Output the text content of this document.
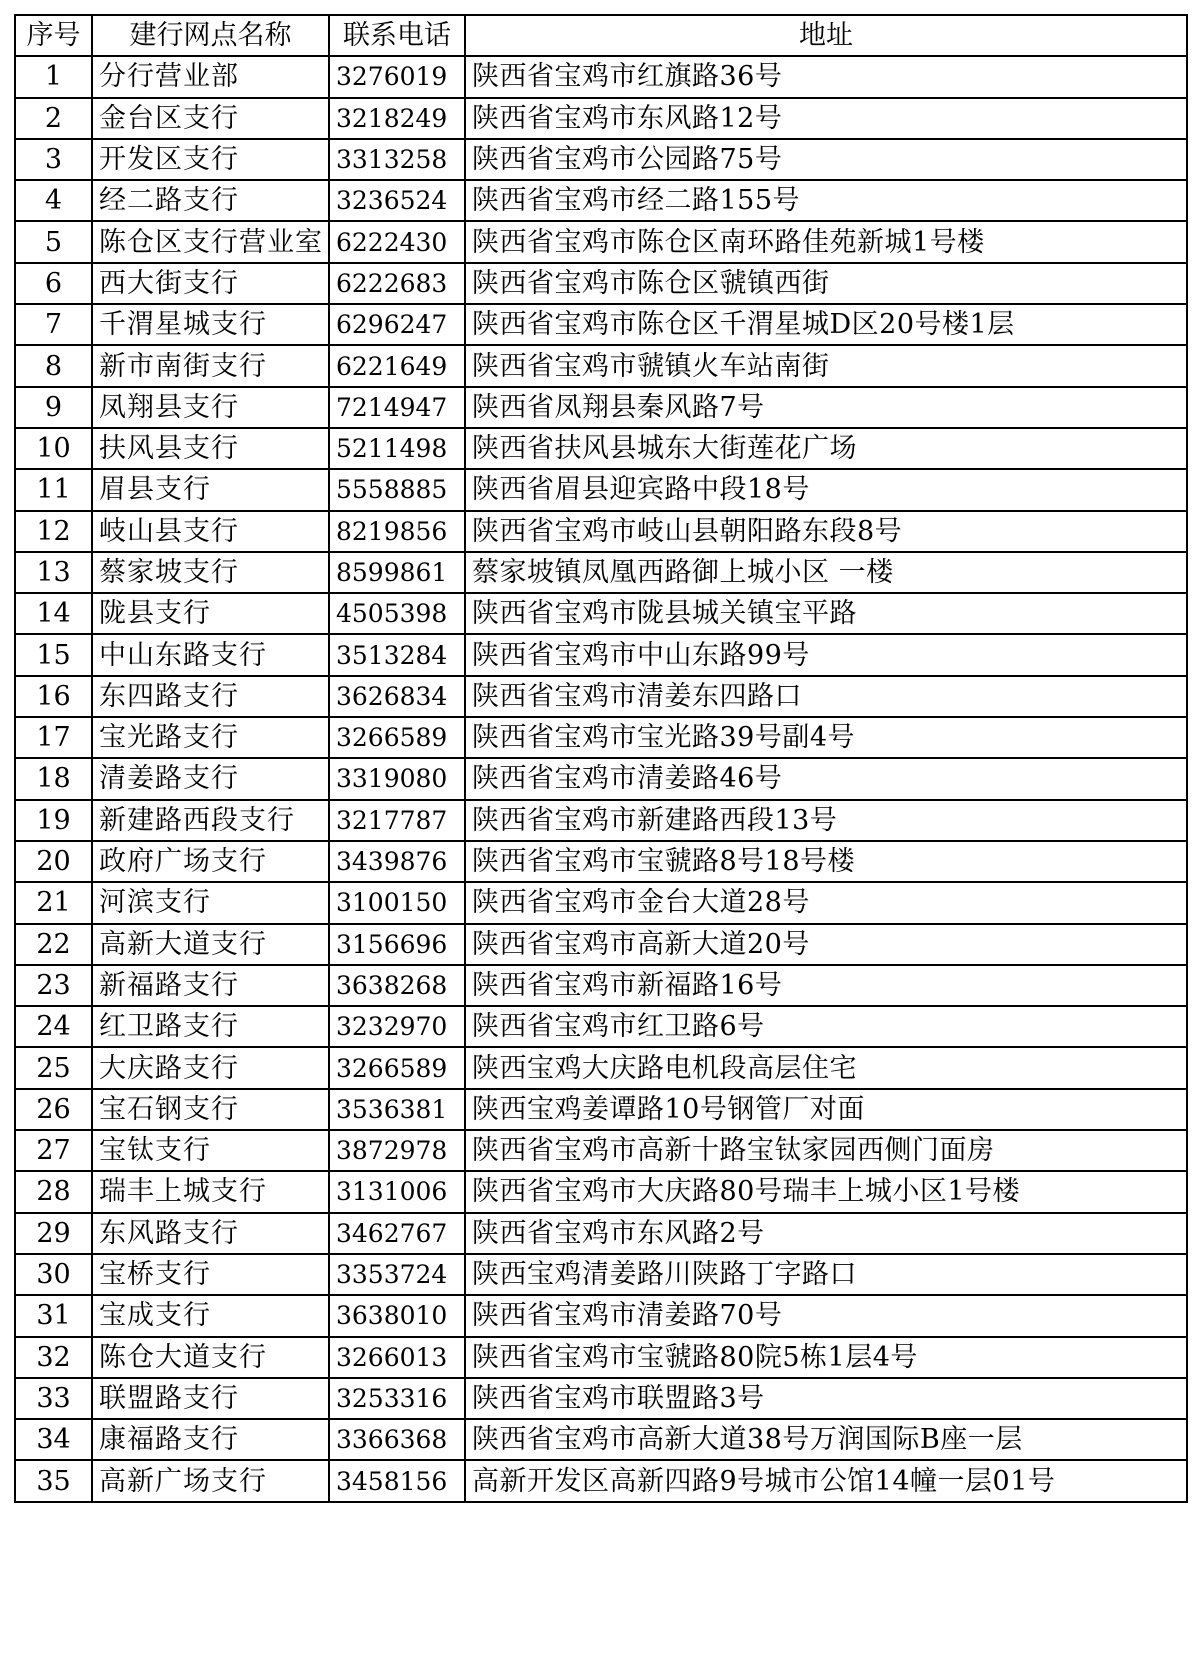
序号	建行网点名称	联系电话	地址
1	分行营业部	3276019	陕西省宝鸡市红旗路36号
2	金台区支行	3218249	陕西省宝鸡市东风路12号
3	开发区支行	3313258	陕西省宝鸡市公园路75号
4	经二路支行	3236524	陕西省宝鸡市经二路155号
5	陈仓区支行营业室	6222430	陕西省宝鸡市陈仓区南环路佳苑新城1号楼
6	西大街支行	6222683	陕西省宝鸡市陈仓区虢镇西街
7	千渭星城支行	6296247	陕西省宝鸡市陈仓区千渭星城D区20号楼1层
8	新市南街支行	6221649	陕西省宝鸡市虢镇火车站南街
9	凤翔县支行	7214947	陕西省凤翔县秦风路7号
10	扶风县支行	5211498	陕西省扶风县城东大街莲花广场
11	眉县支行	5558885	陕西省眉县迎宾路中段18号
12	岐山县支行	8219856	陕西省宝鸡市岐山县朝阳路东段8号
13	蔡家坡支行	8599861	蔡家坡镇凤凰西路御上城小区 一楼
14	陇县支行	4505398	陕西省宝鸡市陇县城关镇宝平路
15	中山东路支行	3513284	陕西省宝鸡市中山东路99号
16	东四路支行	3626834	陕西省宝鸡市清姜东四路口
17	宝光路支行	3266589	陕西省宝鸡市宝光路39号副4号
18	清姜路支行	3319080	陕西省宝鸡市清姜路46号
19	新建路西段支行	3217787	陕西省宝鸡市新建路西段13号
20	政府广场支行	3439876	陕西省宝鸡市宝虢路8号18号楼
21	河滨支行	3100150	陕西省宝鸡市金台大道28号
22	高新大道支行	3156696	陕西省宝鸡市高新大道20号
23	新福路支行	3638268	陕西省宝鸡市新福路16号
24	红卫路支行	3232970	陕西省宝鸡市红卫路6号
25	大庆路支行	3266589	陕西宝鸡大庆路电机段高层住宅
26	宝石钢支行	3536381	陕西宝鸡姜谭路10号钢管厂对面
27	宝钛支行	3872978	陕西省宝鸡市高新十路宝钛家园西侧门面房
28	瑞丰上城支行	3131006	陕西省宝鸡市大庆路80号瑞丰上城小区1号楼
29	东风路支行	3462767	陕西省宝鸡市东风路2号
30	宝桥支行	3353724	陕西宝鸡清姜路川陕路丁字路口
31	宝成支行	3638010	陕西省宝鸡市清姜路70号
32	陈仓大道支行	3266013	陕西省宝鸡市宝虢路80院5栋1层4号
33	联盟路支行	3253316	陕西省宝鸡市联盟路3号
34	康福路支行	3366368	陕西省宝鸡市高新大道38号万润国际B座一层
35	高新广场支行	3458156	高新开发区高新四路9号城市公馆14幢一层01号
